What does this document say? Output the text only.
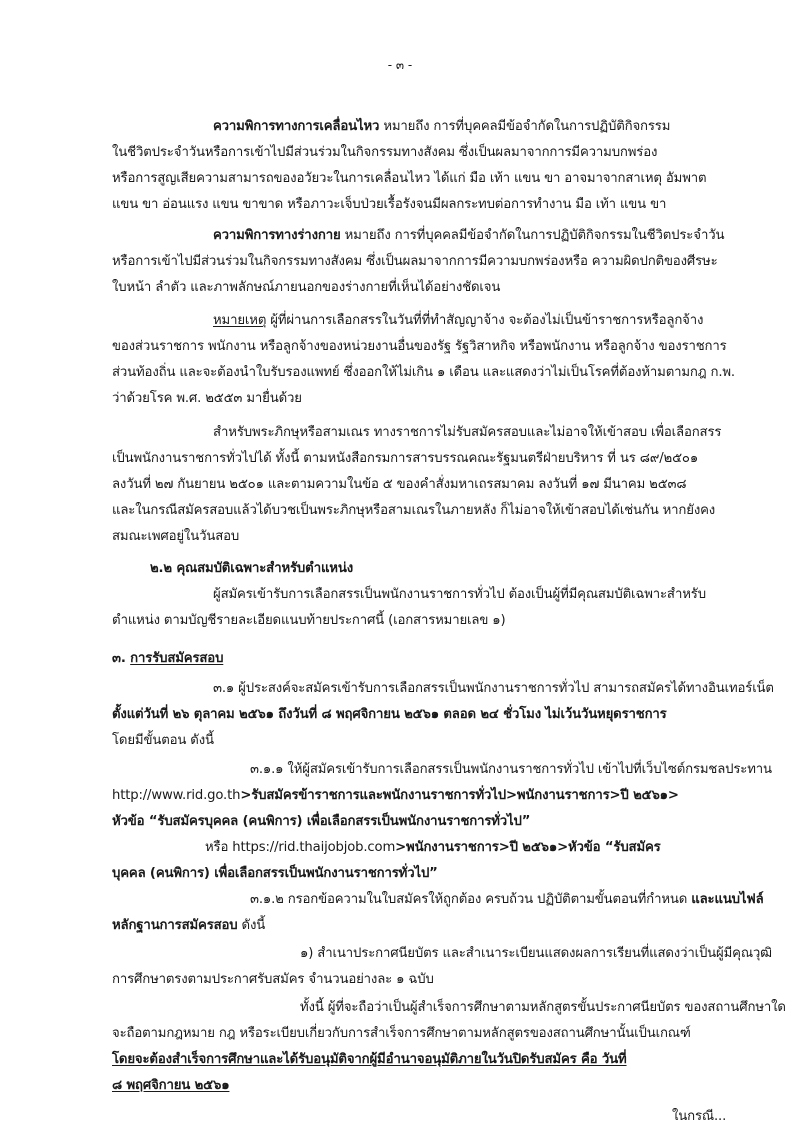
- ๓ -
ความพิการทางการเคลื่อนไหว หมายถึง การที่บุคคลมีข้อจำกัดในการปฏิบัติกิจกรรม
ในชีวิตประจำวันหรือการเข้าไปมีส่วนร่วมในกิจกรรมทางสังคม ซึ่งเป็นผลมาจากการมีความบกพร่อง
หรือการสูญเสียความสามารถของอวัยวะในการเคลื่อนไหว ได้แก่ มือ เท้า แขน ขา อาจมาจากสาเหตุ อัมพาต
แขน ขา อ่อนแรง แขน ขาขาด หรือภาวะเจ็บป่วยเรื้อรังจนมีผลกระทบต่อการทำงาน มือ เท้า แขน ขา
ความพิการทางร่างกาย หมายถึง การที่บุคคลมีข้อจำกัดในการปฏิบัติกิจกรรมในชีวิตประจำวัน
หรือการเข้าไปมีส่วนร่วมในกิจกรรมทางสังคม ซึ่งเป็นผลมาจากการมีความบกพร่องหรือ ความผิดปกติของศีรษะ
ใบหน้า ลำตัว และภาพลักษณ์ภายนอกของร่างกายที่เห็นได้อย่างชัดเจน
หมายเหตุ ผู้ที่ผ่านการเลือกสรรในวันที่ที่ทำสัญญาจ้าง จะต้องไม่เป็นข้าราชการหรือลูกจ้าง
ของส่วนราชการ พนักงาน หรือลูกจ้างของหน่วยงานอื่นของรัฐ รัฐวิสาหกิจ หรือพนักงาน หรือลูกจ้าง ของราชการ
ส่วนท้องถิ่น และจะต้องนำใบรับรองแพทย์ ซึ่งออกให้ไม่เกิน ๑ เดือน และแสดงว่าไม่เป็นโรคที่ต้องห้ามตามกฎ ก.พ.
ว่าด้วยโรค พ.ศ. ๒๕๕๓ มายื่นด้วย
สำหรับพระภิกษุหรือสามเณร ทางราชการไม่รับสมัครสอบและไม่อาจให้เข้าสอบ เพื่อเลือกสรร
เป็นพนักงานราชการทั่วไปได้ ทั้งนี้ ตามหนังสือกรมการสารบรรณคณะรัฐมนตรีฝ่ายบริหาร ที่ นร ๘๙/๒๕๐๑
ลงวันที่ ๒๗ กันยายน ๒๕๐๑ และตามความในข้อ ๕ ของคำสั่งมหาเถรสมาคม ลงวันที่ ๑๗ มีนาคม ๒๕๓๘
และในกรณีสมัครสอบแล้วได้บวชเป็นพระภิกษุหรือสามเณรในภายหลัง ก็ไม่อาจให้เข้าสอบได้เช่นกัน หากยังคง
สมณะเพศอยู่ในวันสอบ
๒.๒ คุณสมบัติเฉพาะสำหรับตำแหน่ง
ผู้สมัครเข้ารับการเลือกสรรเป็นพนักงานราชการทั่วไป ต้องเป็นผู้ที่มีคุณสมบัติเฉพาะสำหรับ
ตำแหน่ง ตามบัญชีรายละเอียดแนบท้ายประกาศนี้ (เอกสารหมายเลข ๑)
๓. การรับสมัครสอบ
๓.๑ ผู้ประสงค์จะสมัครเข้ารับการเลือกสรรเป็นพนักงานราชการทั่วไป สามารถสมัครได้ทางอินเทอร์เน็ต
ตั้งแต่วันที่ ๒๖ ตุลาคม ๒๕๖๑ ถึงวันที่ ๘ พฤศจิกายน ๒๕๖๑ ตลอด ๒๔ ชั่วโมง ไม่เว้นวันหยุดราชการ
โดยมีขั้นตอน ดังนี้
๓.๑.๑ ให้ผู้สมัครเข้ารับการเลือกสรรเป็นพนักงานราชการทั่วไป เข้าไปที่เว็บไซต์กรมชลประทาน
http://www.rid.go.th>รับสมัครข้าราชการและพนักงานราชการทั่วไป>พนักงานราชการ>ปี ๒๕๖๑>
หัวข้อ “รับสมัครบุคคล (คนพิการ) เพื่อเลือกสรรเป็นพนักงานราชการทั่วไป”
หรือ https://rid.thaijobjob.com>พนักงานราชการ>ปี ๒๕๖๑>หัวข้อ “รับสมัคร
บุคคล (คนพิการ) เพื่อเลือกสรรเป็นพนักงานราชการทั่วไป”
๓.๑.๒ กรอกข้อความในใบสมัครให้ถูกต้อง ครบถ้วน ปฏิบัติตามขั้นตอนที่กำหนด และแนบไฟล์
หลักฐานการสมัครสอบ ดังนี้
๑) สำเนาประกาศนียบัตร และสำเนาระเบียนแสดงผลการเรียนที่แสดงว่าเป็นผู้มีคุณวุฒิ
การศึกษาตรงตามประกาศรับสมัคร จำนวนอย่างละ ๑ ฉบับ
ทั้งนี้ ผู้ที่จะถือว่าเป็นผู้สำเร็จการศึกษาตามหลักสูตรขั้นประกาศนียบัตร ของสถานศึกษาใด
จะถือตามกฎหมาย กฎ หรือระเบียบเกี่ยวกับการสำเร็จการศึกษาตามหลักสูตรของสถานศึกษานั้นเป็นเกณฑ์
โดยจะต้องสำเร็จการศึกษาและได้รับอนุมัติจากผู้มีอำนาจอนุมัติภายในวันปิดรับสมัคร คือ วันที่
๘ พฤศจิกายน ๒๕๖๑
ในกรณี...
